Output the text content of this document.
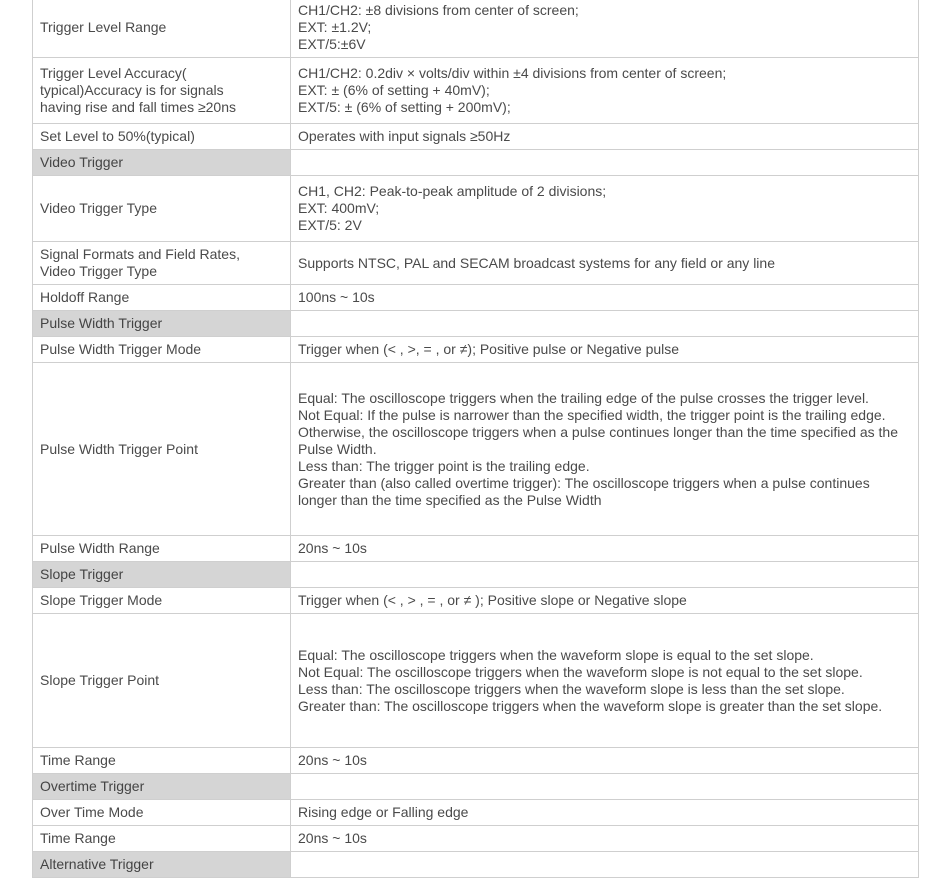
Trigger Level Range	CH1/CH2: ±8 divisions from center of screen;
EXT: ±1.2V;
EXT/5:±6V
Trigger Level Accuracy(
typical)Accuracy is for signals
having rise and fall times ≥20ns	CH1/CH2: 0.2div × volts/div within ±4 divisions from center of screen;
EXT: ± (6% of setting + 40mV);
EXT/5: ± (6% of setting + 200mV);
Set Level to 50%(typical)	Operates with input signals ≥50Hz
Video Trigger	
Video Trigger Type	CH1, CH2: Peak-to-peak amplitude of 2 divisions;
EXT: 400mV;
EXT/5: 2V
Signal Formats and Field Rates,
Video Trigger Type	Supports NTSC, PAL and SECAM broadcast systems for any field or any line
Holdoff Range	100ns ~ 10s
Pulse Width Trigger	
Pulse Width Trigger Mode	Trigger when (< , >, = , or ≠); Positive pulse or Negative pulse
Pulse Width Trigger Point	Equal: The oscilloscope triggers when the trailing edge of the pulse crosses the trigger level.
Not Equal: If the pulse is narrower than the specified width, the trigger point is the trailing edge. Otherwise, the oscilloscope triggers when a pulse continues longer than the time specified as the Pulse Width.
Less than: The trigger point is the trailing edge.
Greater than (also called overtime trigger): The oscilloscope triggers when a pulse continues longer than the time specified as the Pulse Width
Pulse Width Range	20ns ~ 10s
Slope Trigger	
Slope Trigger Mode	Trigger when (< , > , = , or ≠ ); Positive slope or Negative slope
Slope Trigger Point	Equal: The oscilloscope triggers when the waveform slope is equal to the set slope.
Not Equal: The oscilloscope triggers when the waveform slope is not equal to the set slope.
Less than: The oscilloscope triggers when the waveform slope is less than the set slope.
Greater than: The oscilloscope triggers when the waveform slope is greater than the set slope.
Time Range	20ns ~ 10s
Overtime Trigger	
Over Time Mode	Rising edge or Falling edge
Time Range	20ns ~ 10s
Alternative Trigger	
